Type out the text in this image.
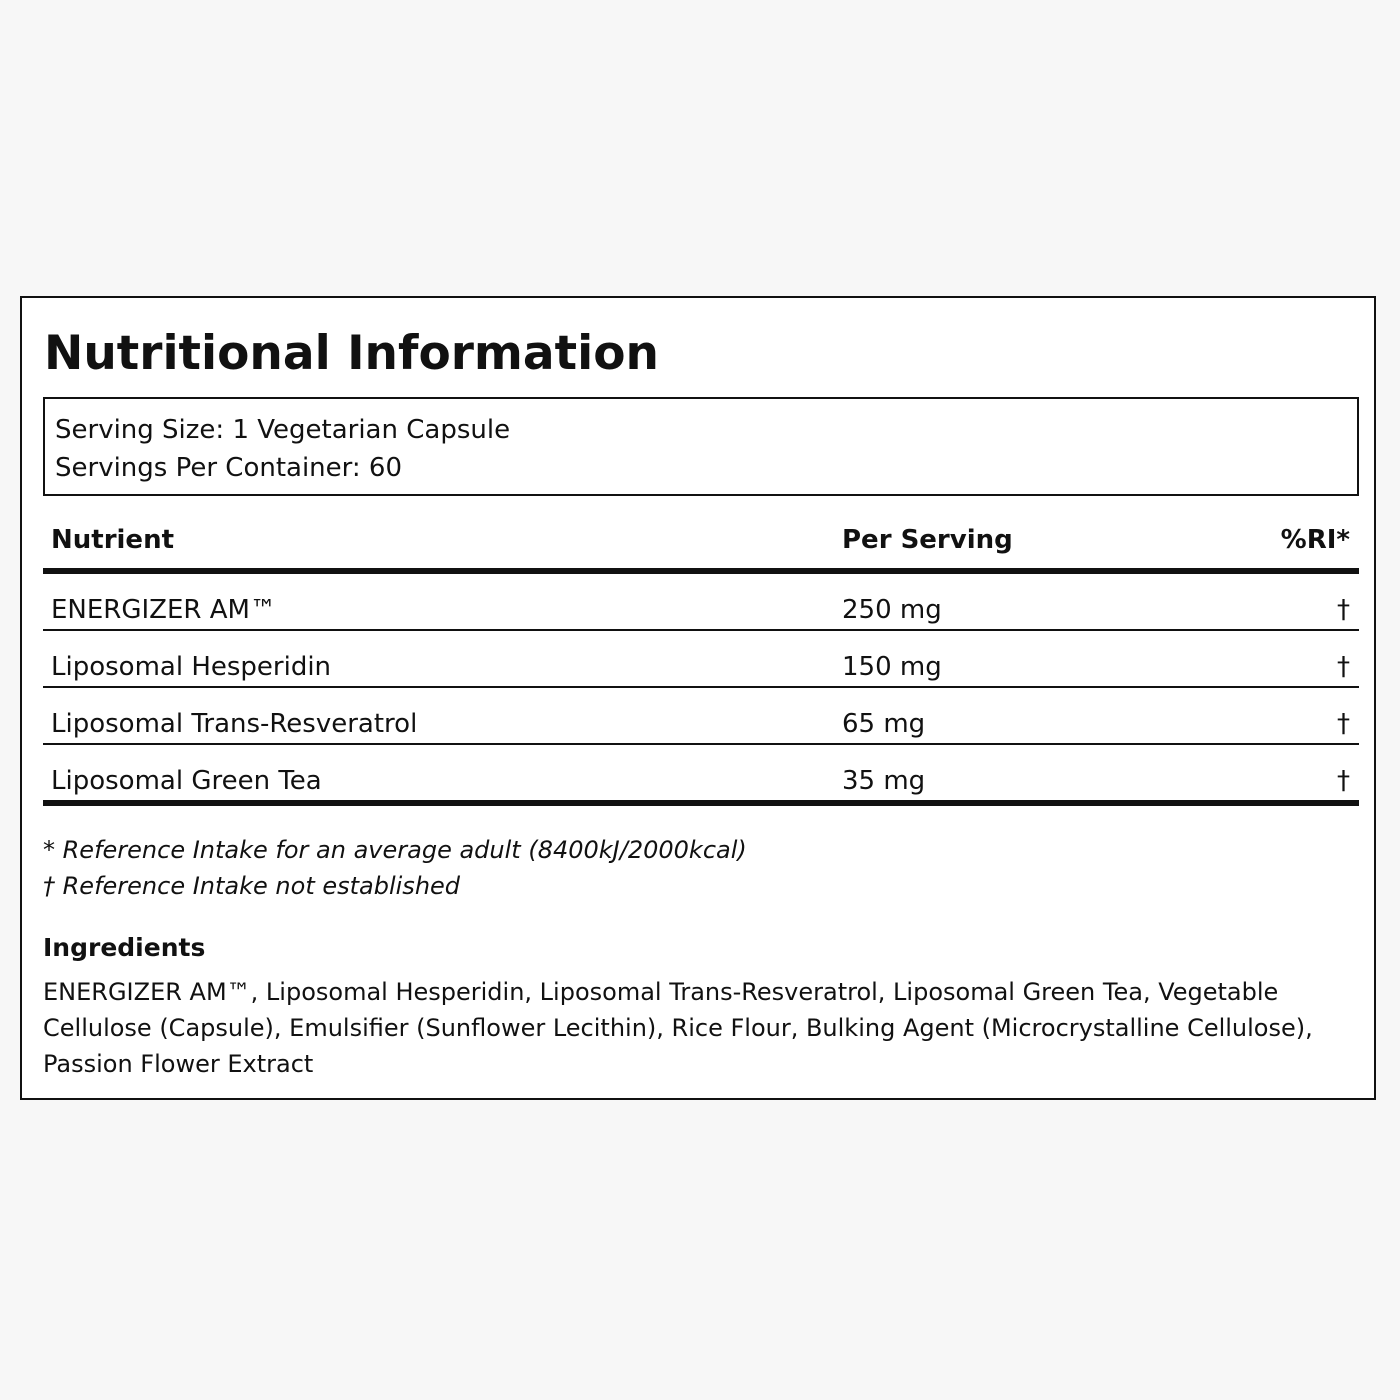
Nutritional Information
Serving Size: 1 Vegetarian Capsule
Servings Per Container: 60
Nutrient	Per Serving	%RI*
ENERGIZER AM™	250 mg	†
Liposomal Hesperidin	150 mg	†
Liposomal Trans-Resveratrol	65 mg	†
Liposomal Green Tea	35 mg	†
* Reference Intake for an average adult (8400kJ/2000kcal)
† Reference Intake not established
Ingredients

ENERGIZER AM™, Liposomal Hesperidin, Liposomal Trans-Resveratrol, Liposomal Green Tea, Vegetable Cellulose (Capsule), Emulsifier (Sunflower Lecithin), Rice Flour, Bulking Agent (Microcrystalline Cellulose), Passion Flower Extract
